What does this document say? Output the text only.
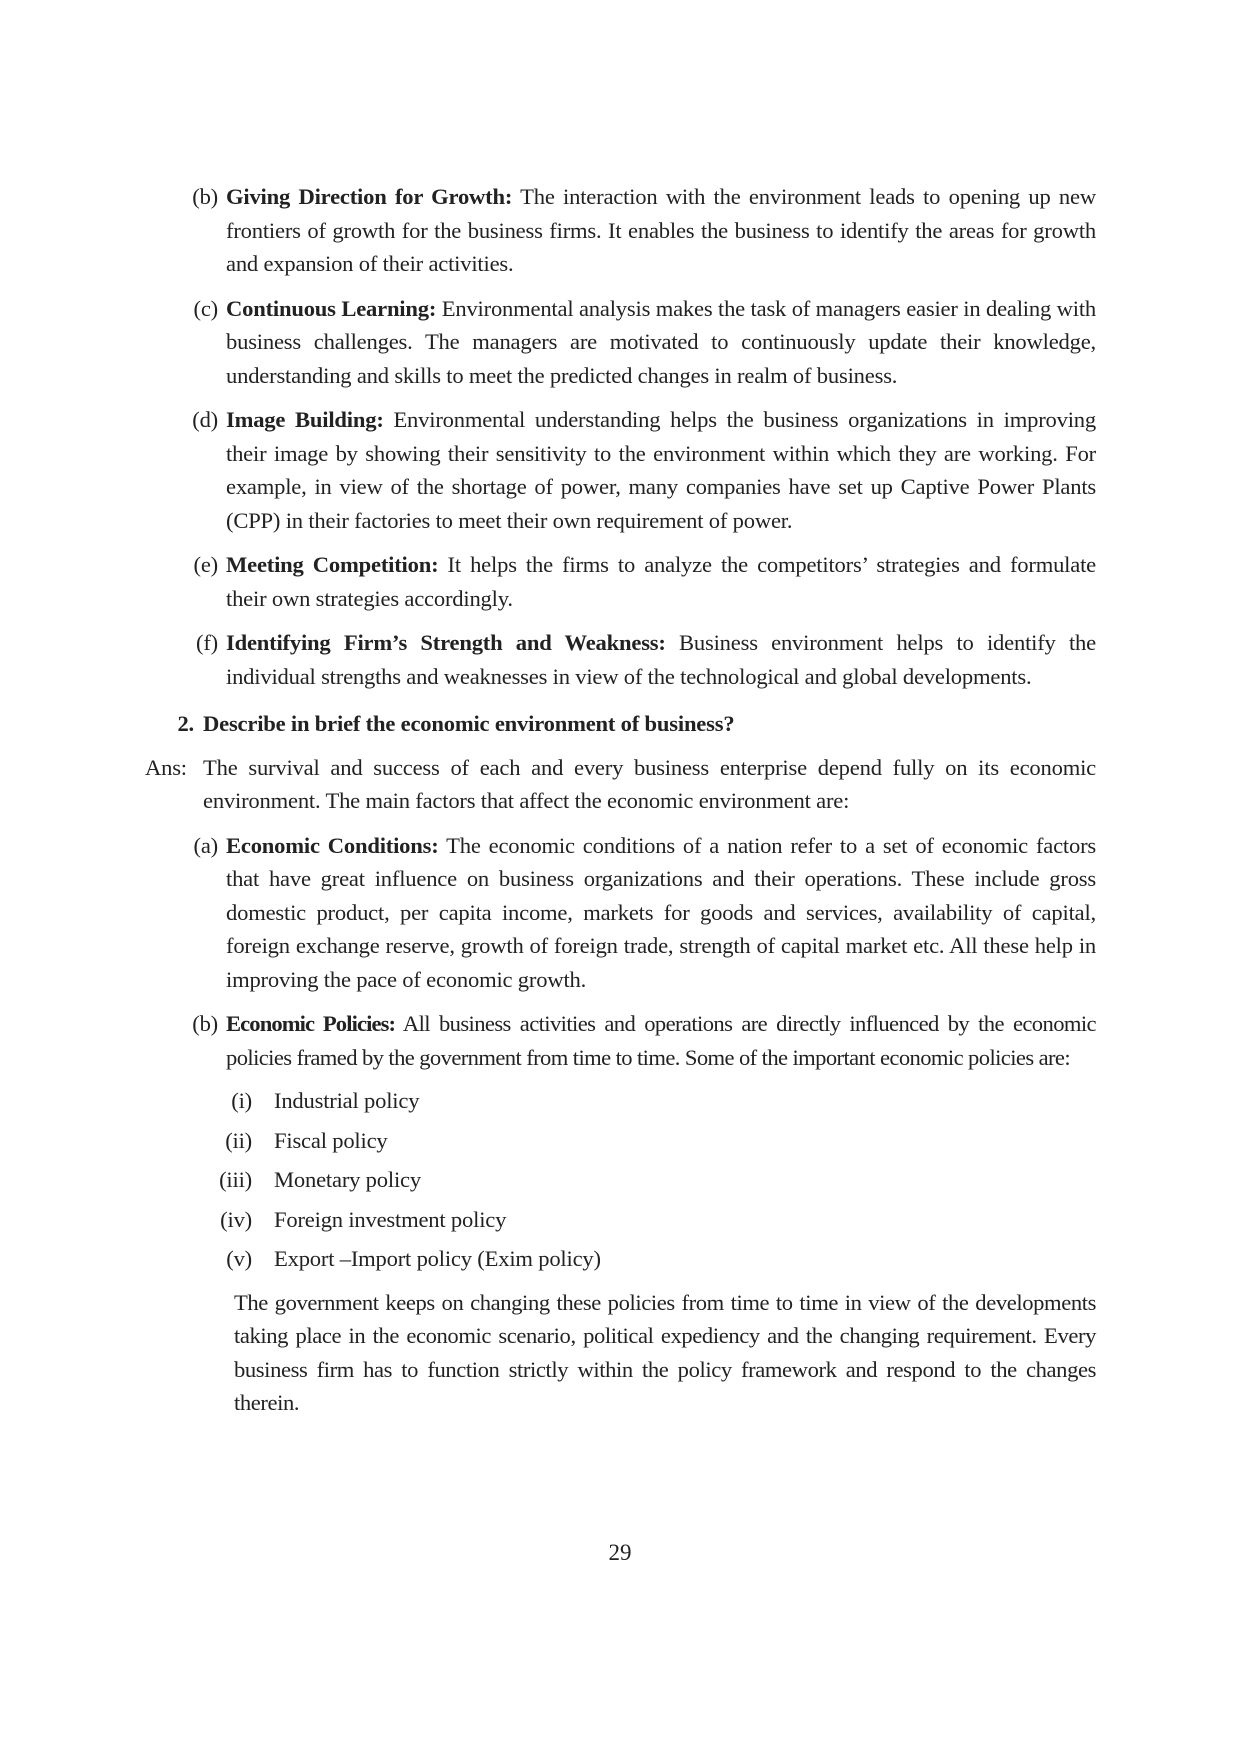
(b) Giving Direction for Growth: The interaction with the environment leads to opening up new frontiers of growth for the business firms. It enables the business to identify the areas for growth and expansion of their activities.
(c) Continuous Learning: Environmental analysis makes the task of managers easier in dealing with business challenges. The managers are motivated to continuously update their knowledge, understanding and skills to meet the predicted changes in realm of business.
(d) Image Building: Environmental understanding helps the business organizations in improving their image by showing their sensitivity to the environment within which they are working. For example, in view of the shortage of power, many companies have set up Captive Power Plants (CPP) in their factories to meet their own requirement of power.
(e) Meeting Competition: It helps the firms to analyze the competitors’ strategies and formulate their own strategies accordingly.
(f) Identifying Firm’s Strength and Weakness: Business environment helps to identify the individual strengths and weaknesses in view of the technological and global developments.
2. Describe in brief the economic environment of business?
Ans: The survival and success of each and every business enterprise depend fully on its economic environment. The main factors that affect the economic environment are:
(a) Economic Conditions: The economic conditions of a nation refer to a set of economic factors that have great influence on business organizations and their operations. These include gross domestic product, per capita income, markets for goods and services, availability of capital, foreign exchange reserve, growth of foreign trade, strength of capital market etc. All these help in improving the pace of economic growth.
(b) Economic Policies: All business activities and operations are directly influenced by the economic policies framed by the government from time to time. Some of the important economic policies are:
(i) Industrial policy
(ii) Fiscal policy
(iii) Monetary policy
(iv) Foreign investment policy
(v) Export –Import policy (Exim policy)
The government keeps on changing these policies from time to time in view of the developments taking place in the economic scenario, political expediency and the changing requirement. Every business firm has to function strictly within the policy framework and respond to the changes therein.
29
